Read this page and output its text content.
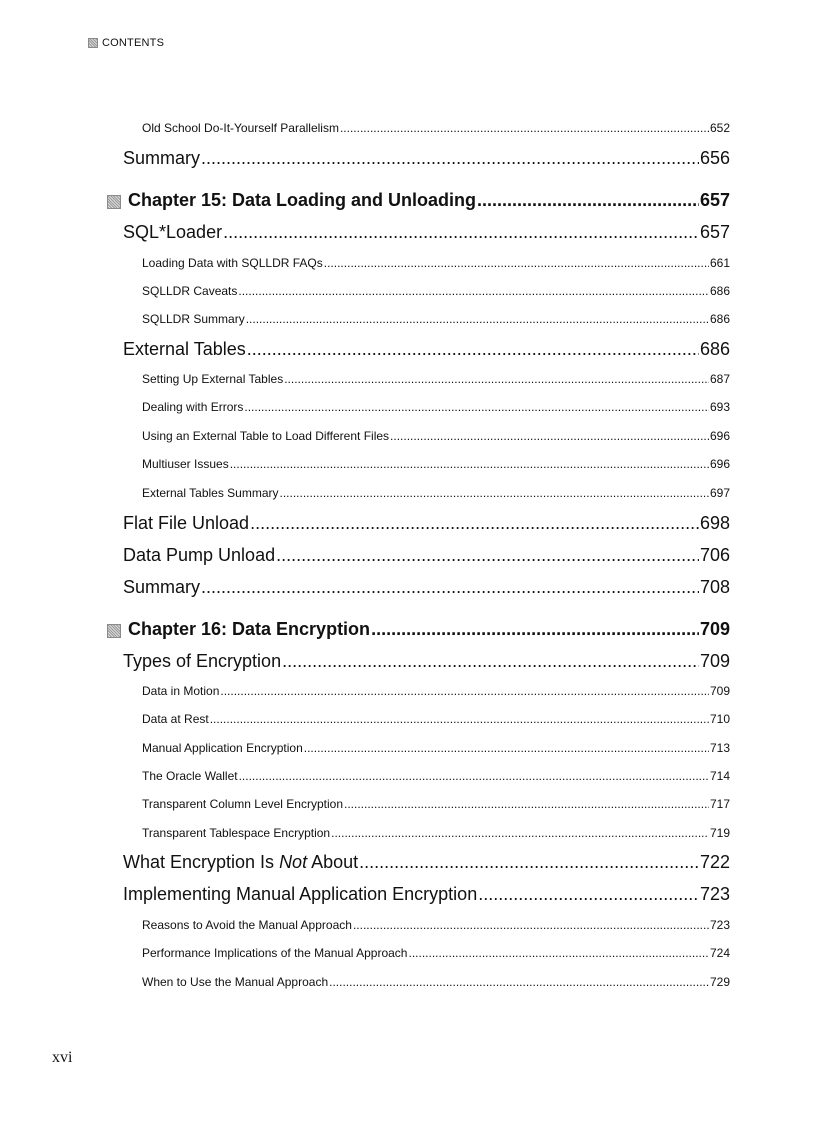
CONTENTS
Old School Do-It-Yourself Parallelism .....	652
Summary .....	656
Chapter 15: Data Loading and Unloading .....	657
SQL*Loader .....	657
Loading Data with SQLLDR FAQs .....	661
SQLLDR Caveats .....	686
SQLLDR Summary .....	686
External Tables .....	686
Setting Up External Tables .....	687
Dealing with Errors .....	693
Using an External Table to Load Different Files .....	696
Multiuser Issues .....	696
External Tables Summary .....	697
Flat File Unload .....	698
Data Pump Unload .....	706
Summary .....	708
Chapter 16: Data Encryption .....	709
Types of Encryption .....	709
Data in Motion .....	709
Data at Rest .....	710
Manual Application Encryption .....	713
The Oracle Wallet .....	714
Transparent Column Level Encryption .....	717
Transparent Tablespace Encryption .....	719
What Encryption Is Not About .....	722
Implementing Manual Application Encryption .....	723
Reasons to Avoid the Manual Approach .....	723
Performance Implications of the Manual Approach .....	724
When to Use the Manual Approach .....	729
xvi
